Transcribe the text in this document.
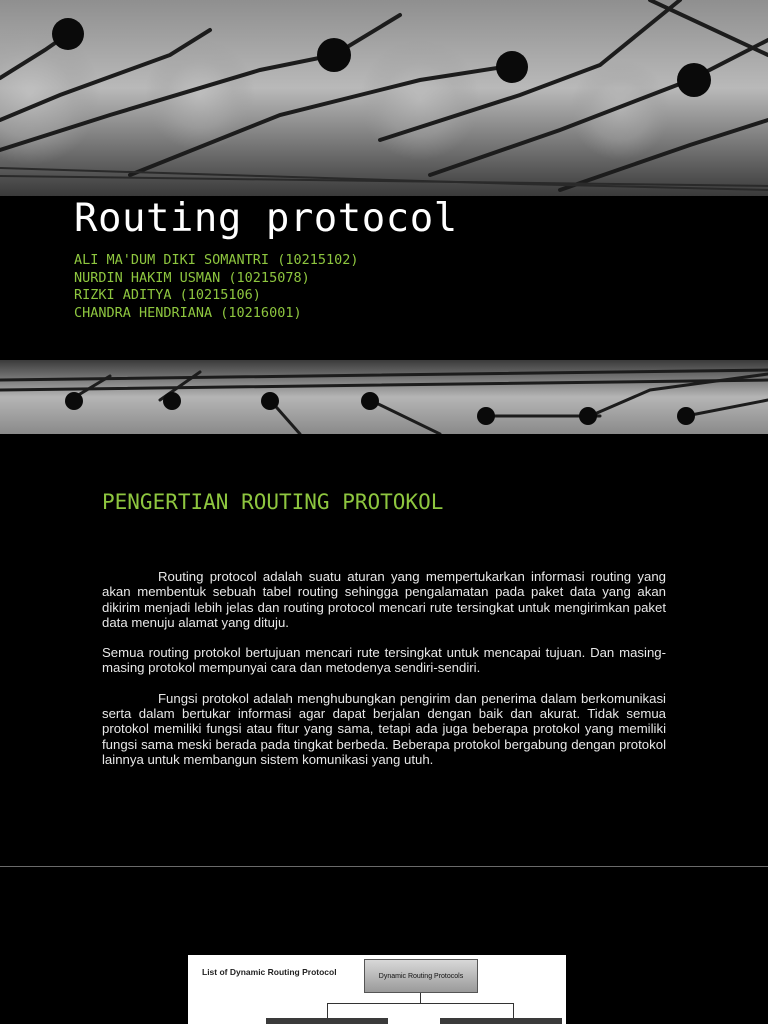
Routing protocol
ALI MA'DUM DIKI SOMANTRI (10215102)
NURDIN HAKIM USMAN (10215078)
RIZKI ADITYA (10215106)
CHANDRA HENDRIANA (10216001)
PENGERTIAN ROUTING PROTOKOL

Routing protocol adalah suatu aturan yang mempertukarkan informasi routing yang akan membentuk sebuah tabel routing sehingga pengalamatan pada paket data yang akan dikirim menjadi lebih jelas dan routing protocol mencari rute tersingkat untuk mengirimkan paket data menuju alamat yang dituju.

Semua routing protokol bertujuan mencari rute tersingkat untuk mencapai tujuan. Dan masing-masing protokol mempunyai cara dan metodenya sendiri-sendiri.

Fungsi protokol adalah menghubungkan pengirim dan penerima dalam berkomunikasi serta dalam bertukar informasi agar dapat berjalan dengan baik dan akurat. Tidak semua protokol memiliki fungsi atau fitur yang sama, tetapi ada juga beberapa protokol yang memiliki fungsi sama meski berada pada tingkat berbeda. Beberapa protokol bergabung dengan protokol lainnya untuk membangun sistem komunikasi yang utuh.

List of Dynamic Routing Protocol	Dynamic Routing Protocols
